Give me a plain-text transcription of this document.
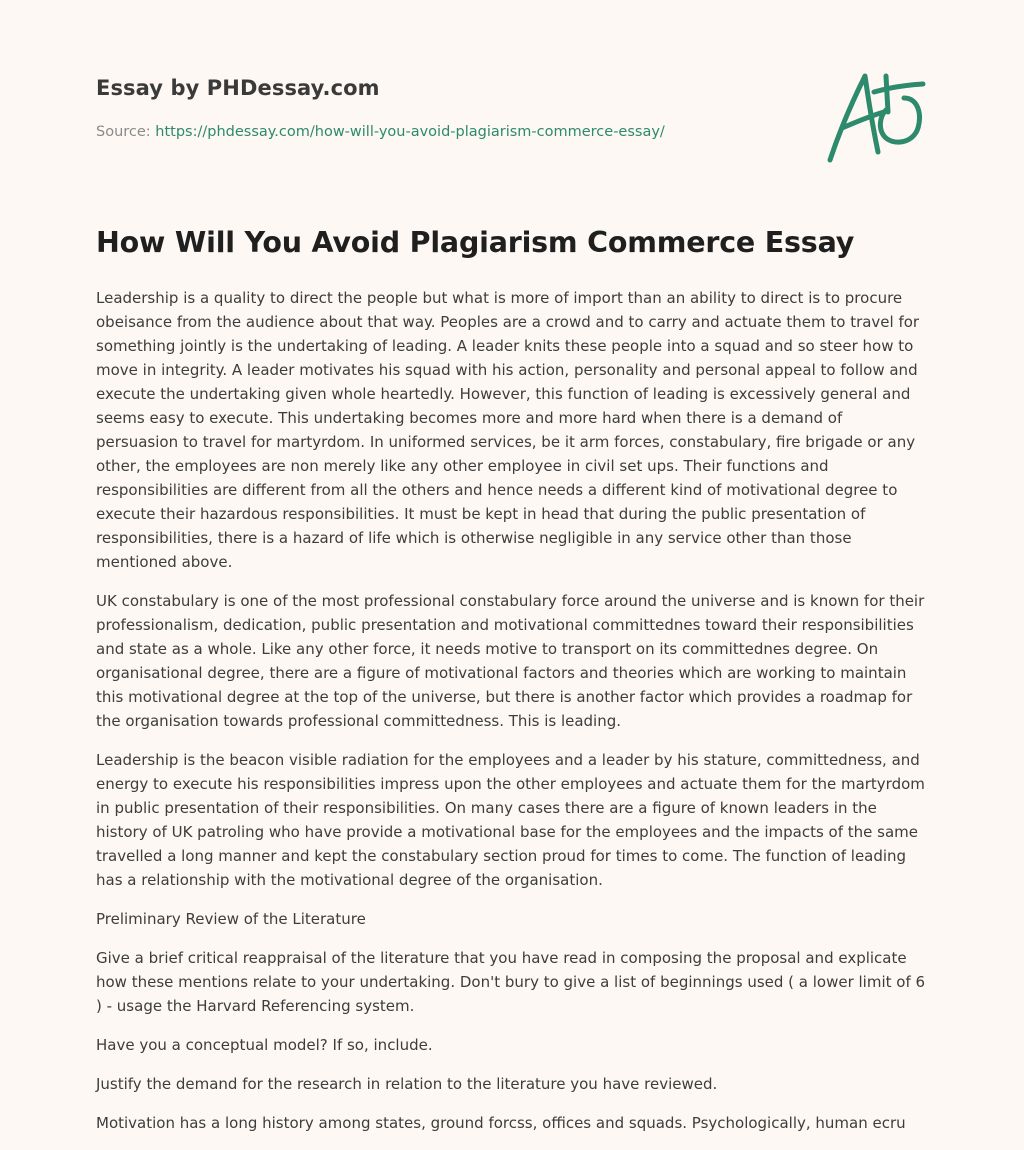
Essay by PHDessay.com
Source: https://phdessay.com/how-will-you-avoid-plagiarism-commerce-essay/
How Will You Avoid Plagiarism Commerce Essay

Leadership is a quality to direct the people but what is more of import than an ability to direct is to procure obeisance from the audience about that way. Peoples are a crowd and to carry and actuate them to travel for something jointly is the undertaking of leading. A leader knits these people into a squad and so steer how to move in integrity. A leader motivates his squad with his action, personality and personal appeal to follow and execute the undertaking given whole heartedly. However, this function of leading is excessively general and seems easy to execute. This undertaking becomes more and more hard when there is a demand of persuasion to travel for martyrdom. In uniformed services, be it arm forces, constabulary, fire brigade or any other, the employees are non merely like any other employee in civil set ups. Their functions and responsibilities are different from all the others and hence needs a different kind of motivational degree to execute their hazardous responsibilities. It must be kept in head that during the public presentation of responsibilities, there is a hazard of life which is otherwise negligible in any service other than those mentioned above.

UK constabulary is one of the most professional constabulary force around the universe and is known for their professionalism, dedication, public presentation and motivational committednes toward their responsibilities and state as a whole. Like any other force, it needs motive to transport on its committednes degree. On organisational degree, there are a figure of motivational factors and theories which are working to maintain this motivational degree at the top of the universe, but there is another factor which provides a roadmap for the organisation towards professional committedness. This is leading.

Leadership is the beacon visible radiation for the employees and a leader by his stature, committedness, and energy to execute his responsibilities impress upon the other employees and actuate them for the martyrdom in public presentation of their responsibilities. On many cases there are a figure of known leaders in the history of UK patroling who have provide a motivational base for the employees and the impacts of the same travelled a long manner and kept the constabulary section proud for times to come. The function of leading has a relationship with the motivational degree of the organisation.

Preliminary Review of the Literature

Give a brief critical reappraisal of the literature that you have read in composing the proposal and explicate how these mentions relate to your undertaking. Don't bury to give a list of beginnings used ( a lower limit of 6 ) - usage the Harvard Referencing system.

Have you a conceptual model? If so, include.

Justify the demand for the research in relation to the literature you have reviewed.

Motivation has a long history among states, ground forcss, offices and squads. Psychologically, human ecru
